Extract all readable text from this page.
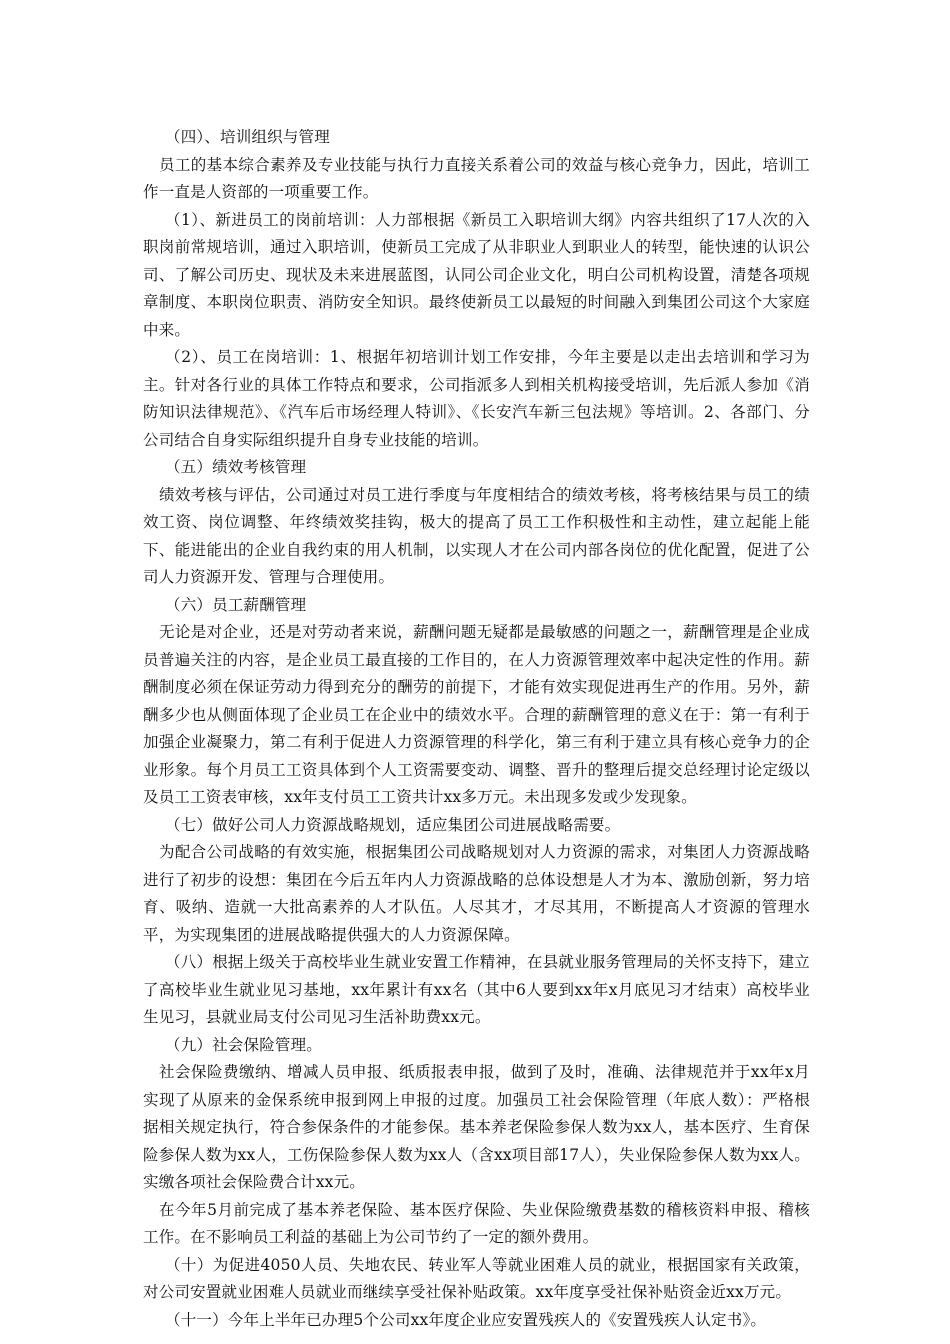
（四）、培训组织与管理

员工的基本综合素养及专业技能与执行力直接关系着公司的效益与核心竞争力，因此，培训工作一直是人资部的一项重要工作。

（1）、新进员工的岗前培训：人力部根据《新员工入职培训大纲》内容共组织了17人次的入职岗前常规培训，通过入职培训，使新员工完成了从非职业人到职业人的转型，能快速的认识公司、了解公司历史、现状及未来进展蓝图，认同公司企业文化，明白公司机构设置，清楚各项规章制度、本职岗位职责、消防安全知识。最终使新员工以最短的时间融入到集团公司这个大家庭中来。

（2）、员工在岗培训：1、根据年初培训计划工作安排，今年主要是以走出去培训和学习为主。针对各行业的具体工作特点和要求，公司指派多人到相关机构接受培训，先后派人参加《消防知识法律规范》、《汽车后市场经理人特训》、《长安汽车新三包法规》等培训。2、各部门、分公司结合自身实际组织提升自身专业技能的培训。

（五）绩效考核管理

绩效考核与评估，公司通过对员工进行季度与年度相结合的绩效考核，将考核结果与员工的绩效工资、岗位调整、年终绩效奖挂钩，极大的提高了员工工作积极性和主动性，建立起能上能下、能进能出的企业自我约束的用人机制，以实现人才在公司内部各岗位的优化配置，促进了公司人力资源开发、管理与合理使用。

（六）员工薪酬管理

无论是对企业，还是对劳动者来说，薪酬问题无疑都是最敏感的问题之一，薪酬管理是企业成员普遍关注的内容，是企业员工最直接的工作目的，在人力资源管理效率中起决定性的作用。薪酬制度必须在保证劳动力得到充分的酬劳的前提下，才能有效实现促进再生产的作用。另外，薪酬多少也从侧面体现了企业员工在企业中的绩效水平。合理的薪酬管理的意义在于：第一有利于加强企业凝聚力，第二有利于促进人力资源管理的科学化，第三有利于建立具有核心竞争力的企业形象。每个月员工工资具体到个人工资需要变动、调整、晋升的整理后提交总经理讨论定级以及员工工资表审核，xx年支付员工工资共计xx多万元。未出现多发或少发现象。

（七）做好公司人力资源战略规划，适应集团公司进展战略需要。

为配合公司战略的有效实施，根据集团公司战略规划对人力资源的需求，对集团人力资源战略进行了初步的设想：集团在今后五年内人力资源战略的总体设想是人才为本、激励创新，努力培育、吸纳、造就一大批高素养的人才队伍。人尽其才，才尽其用，不断提高人才资源的管理水平，为实现集团的进展战略提供强大的人力资源保障。

（八）根据上级关于高校毕业生就业安置工作精神，在县就业服务管理局的关怀支持下，建立了高校毕业生就业见习基地，xx年累计有xx名（其中6人要到xx年x月底见习才结束）高校毕业生见习，县就业局支付公司见习生活补助费xx元。

（九）社会保险管理。

社会保险费缴纳、增减人员申报、纸质报表申报，做到了及时，准确、法律规范并于xx年x月实现了从原来的金保系统申报到网上申报的过度。加强员工社会保险管理（年底人数）：严格根据相关规定执行，符合参保条件的才能参保。基本养老保险参保人数为xx人，基本医疗、生育保险参保人数为xx人，工伤保险参保人数为xx人（含xx项目部17人），失业保险参保人数为xx人。实缴各项社会保险费合计xx元。

在今年5月前完成了基本养老保险、基本医疗保险、失业保险缴费基数的稽核资料申报、稽核工作。在不影响员工利益的基础上为公司节约了一定的额外费用。

（十）为促进4050人员、失地农民、转业军人等就业困难人员的就业，根据国家有关政策，对公司安置就业困难人员就业而继续享受社保补贴政策。xx年度享受社保补贴资金近xx万元。

（十一）今年上半年已办理5个公司xx年度企业应安置残疾人的《安置残疾人认定书》。
